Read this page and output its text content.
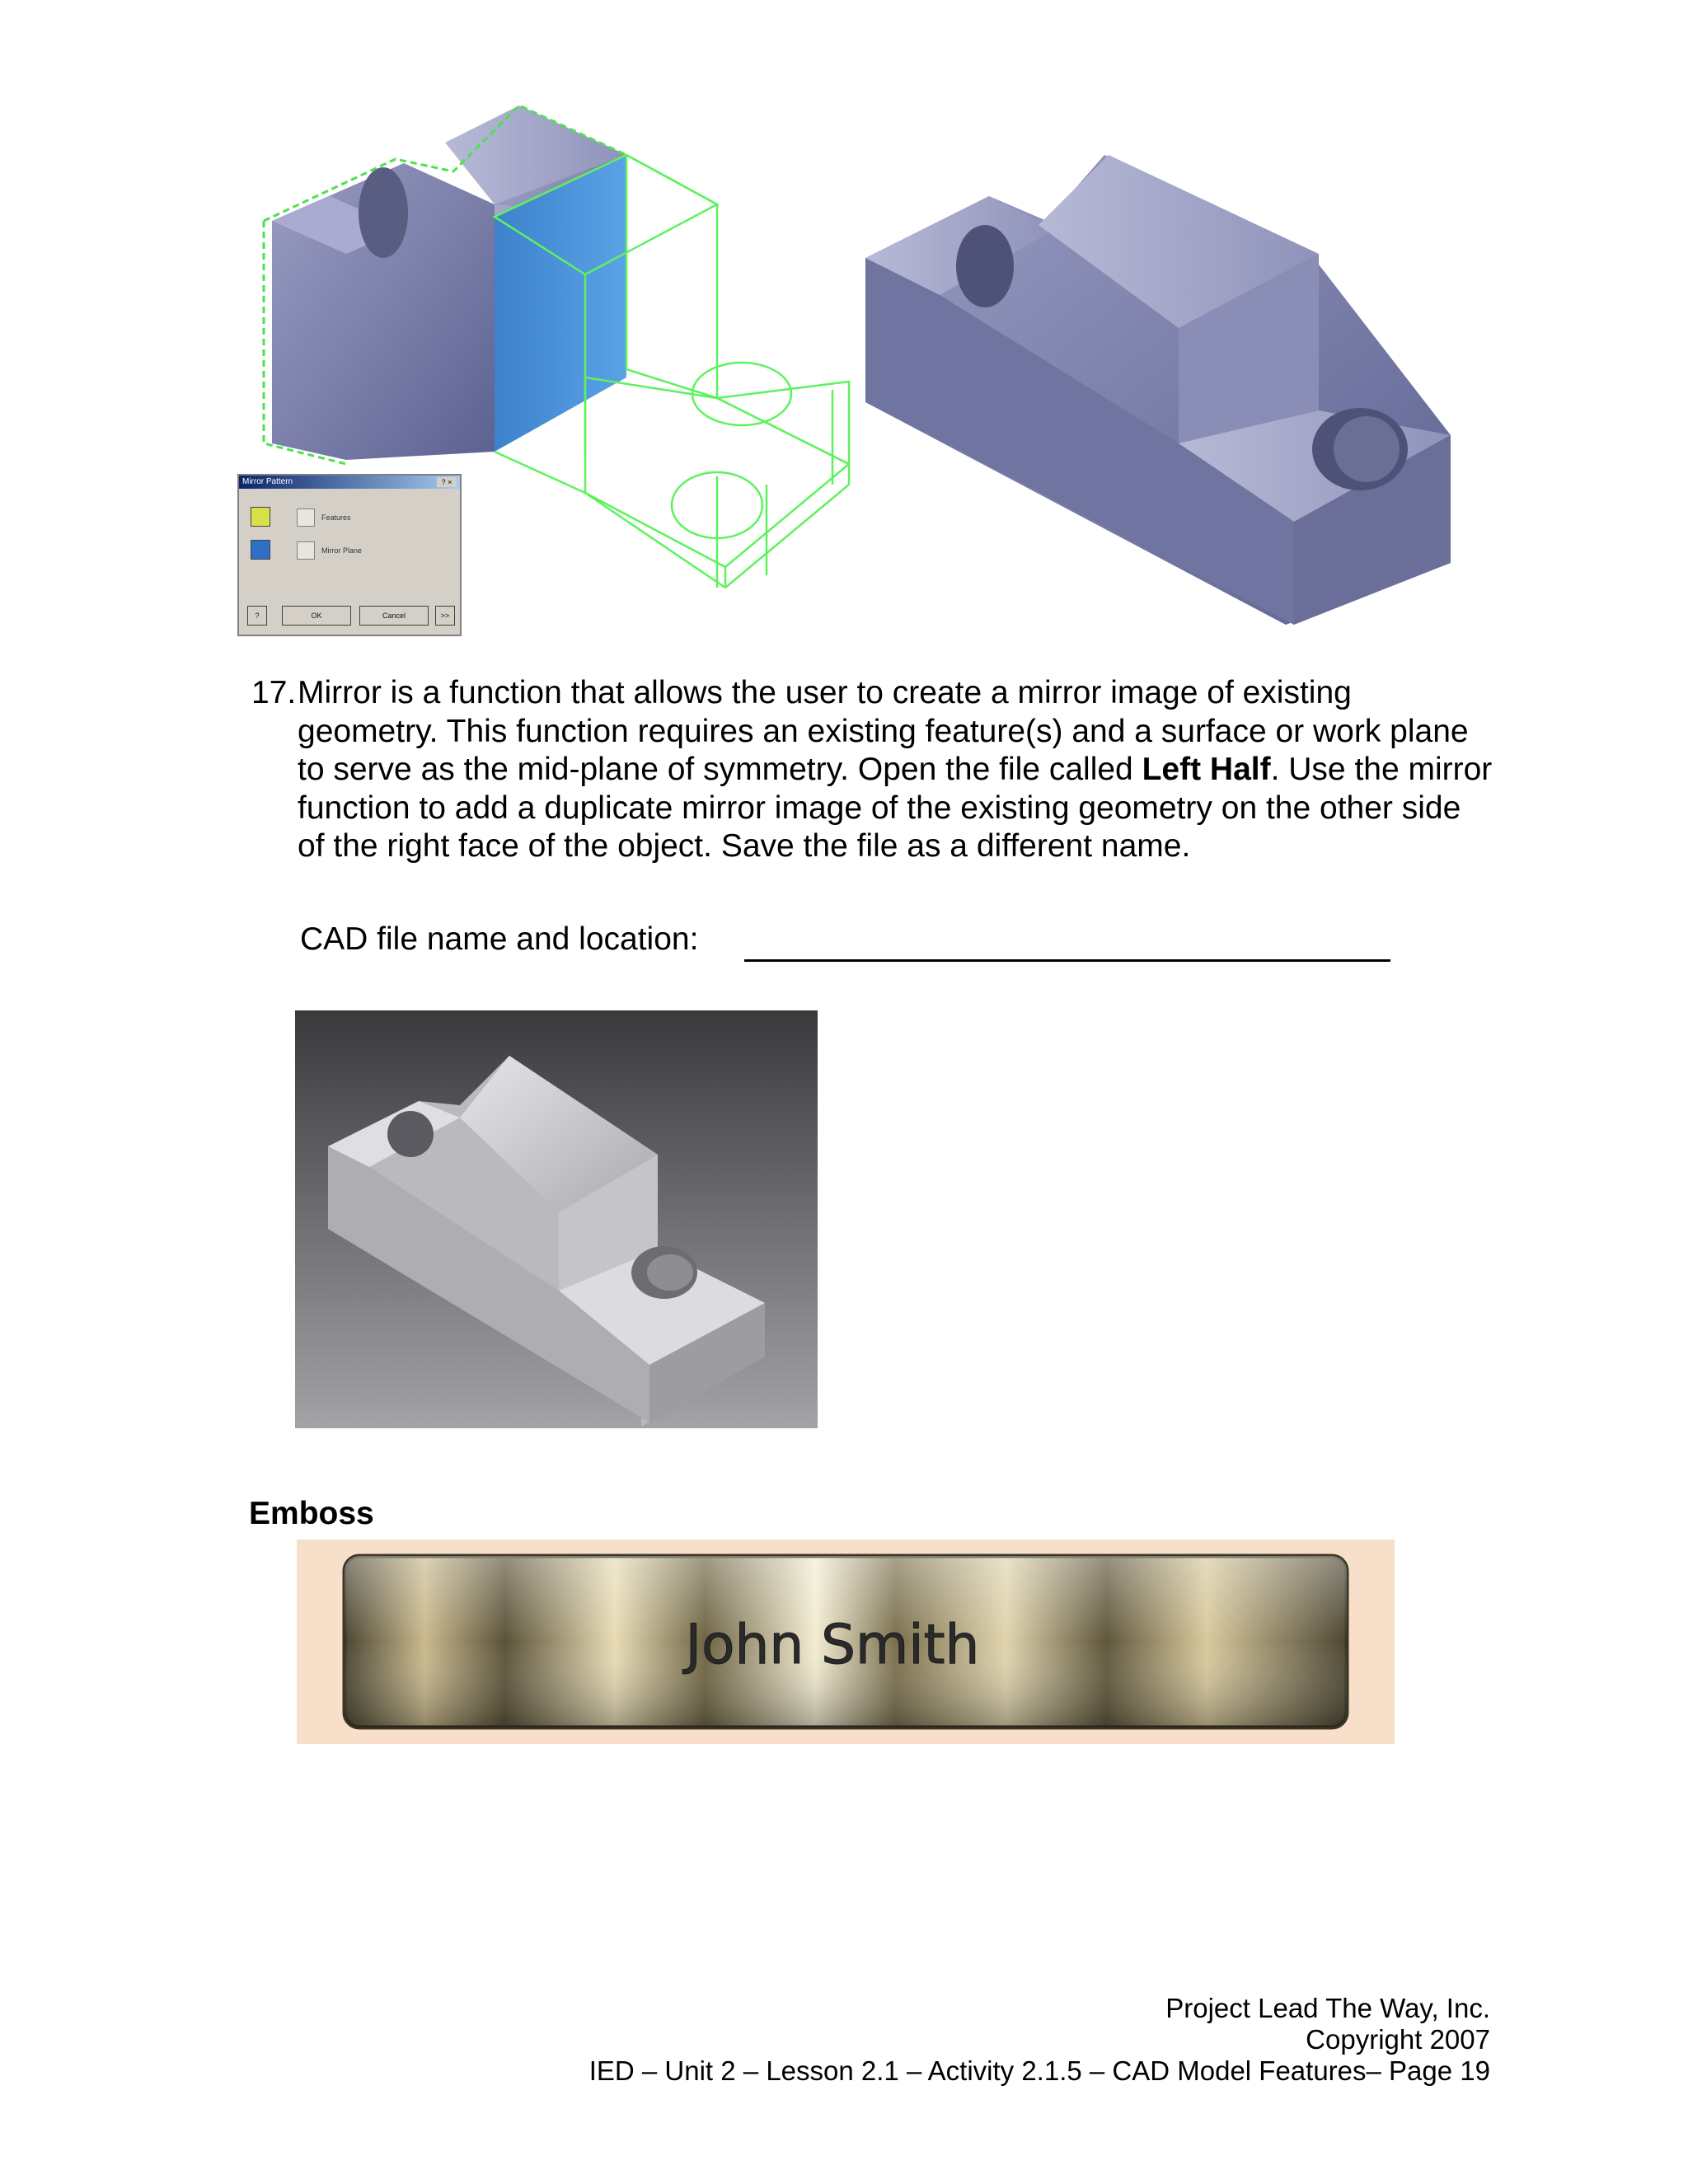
Mirror Pattern	? ×
Features
Mirror Plane
?	OK	Cancel	>>
17. Mirror is a function that allows the user to create a mirror image of existing geometry. This function requires an existing feature(s) and a surface or work plane to serve as the mid-plane of symmetry. Open the file called Left Half. Use the mirror function to add a duplicate mirror image of the existing geometry on the other side of the right face of the object. Save the file as a different name.
CAD file name and location:
Emboss
John Smith
Project Lead The Way, Inc.
Copyright 2007
IED – Unit 2 – Lesson 2.1 – Activity 2.1.5 – CAD Model Features– Page 19
